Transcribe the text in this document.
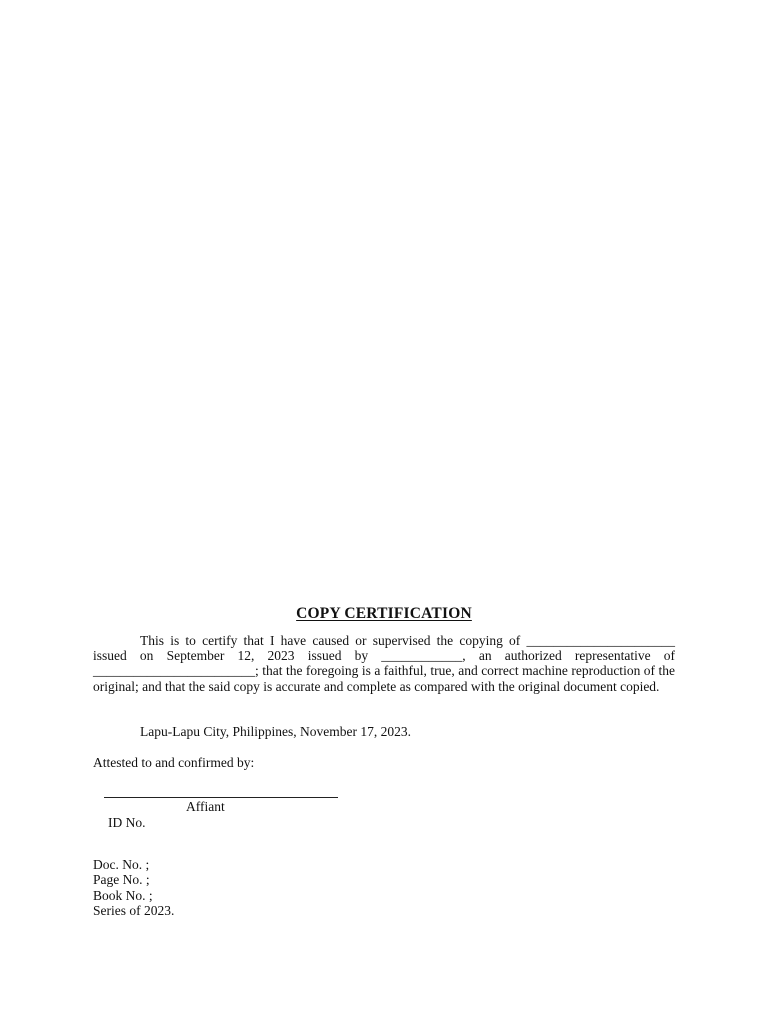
COPY CERTIFICATION
This is to certify that I have caused or supervised the copying of ______________________ issued on September 12, 2023 issued by ____________, an authorized representative of ________________________; that the foregoing is a faithful, true, and correct machine reproduction of the original; and that the said copy is accurate and complete as compared with the original document copied.
Lapu-Lapu City, Philippines, November 17, 2023.
Attested to and confirmed by:
Affiant
ID No.
Doc. No. ;
Page No. ;
Book No. ;
Series of 2023.
